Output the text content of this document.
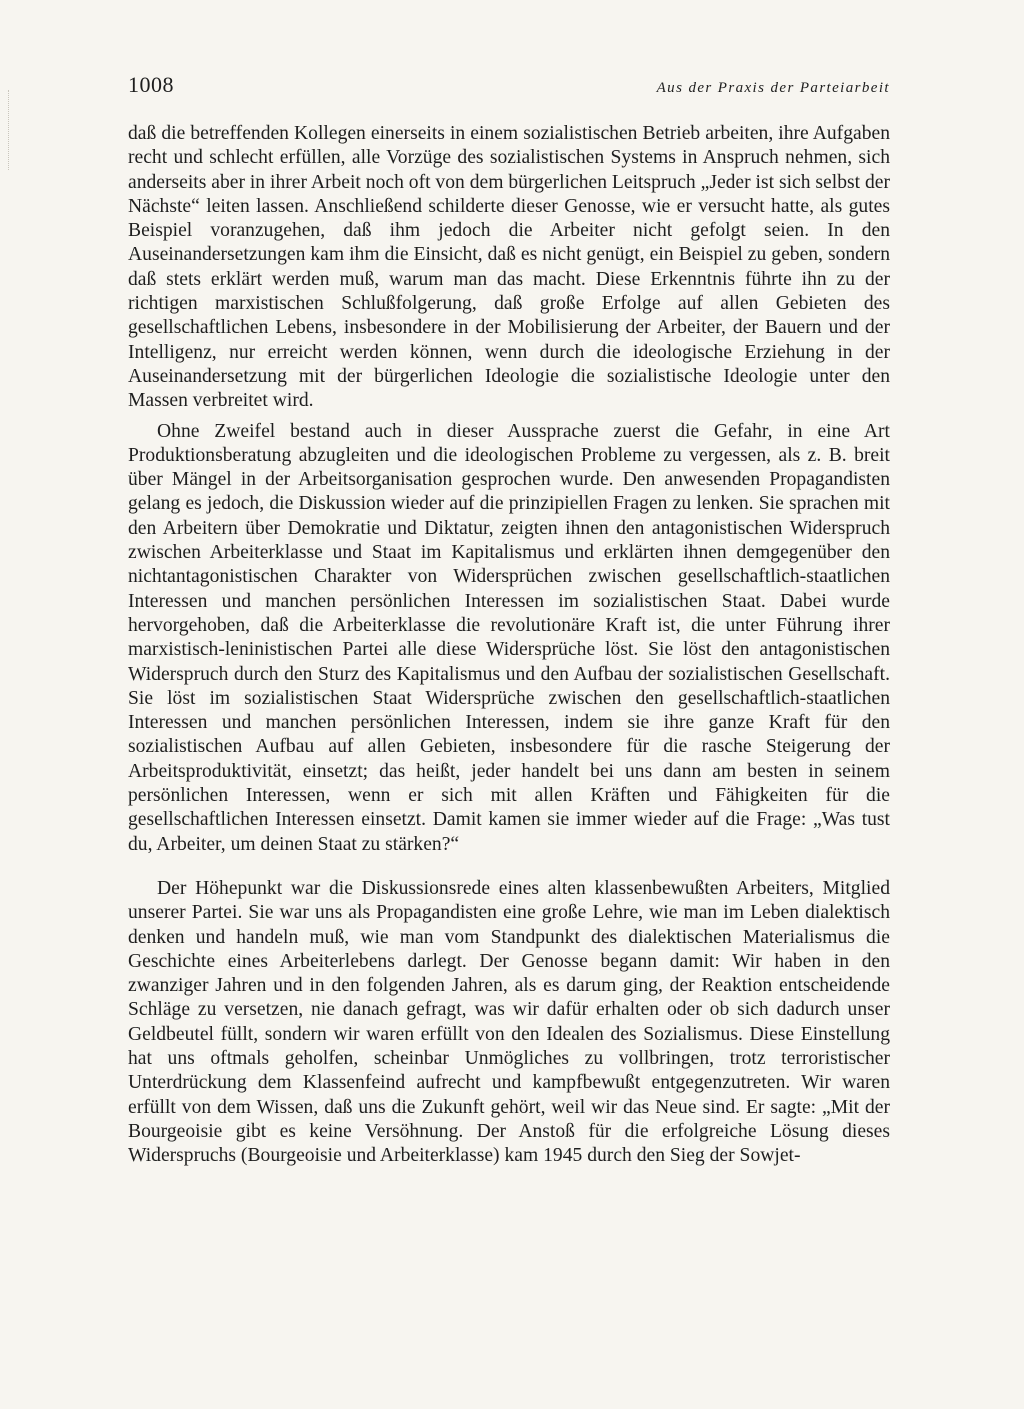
1008	Aus der Praxis der Parteiarbeit

daß die betreffenden Kollegen einerseits in einem sozialistischen Betrieb arbeiten, ihre Aufgaben recht und schlecht erfüllen, alle Vorzüge des sozialistischen Systems in Anspruch nehmen, sich anderseits aber in ihrer Arbeit noch oft von dem bürgerlichen Leitspruch „Jeder ist sich selbst der Nächste“ leiten lassen. Anschließend schilderte dieser Genosse, wie er versucht hatte, als gutes Beispiel voranzugehen, daß ihm jedoch die Arbeiter nicht gefolgt seien. In den Auseinandersetzungen kam ihm die Einsicht, daß es nicht genügt, ein Beispiel zu geben, sondern daß stets erklärt werden muß, warum man das macht. Diese Erkenntnis führte ihn zu der richtigen marxistischen Schlußfolgerung, daß große Erfolge auf allen Gebieten des gesellschaftlichen Lebens, insbesondere in der Mobilisierung der Arbeiter, der Bauern und der Intelligenz, nur erreicht werden können, wenn durch die ideologische Erziehung in der Auseinandersetzung mit der bürgerlichen Ideologie die sozialistische Ideologie unter den Massen verbreitet wird.

Ohne Zweifel bestand auch in dieser Aussprache zuerst die Gefahr, in eine Art Produktionsberatung abzugleiten und die ideologischen Probleme zu vergessen, als z. B. breit über Mängel in der Arbeitsorganisation gesprochen wurde. Den anwesenden Propagandisten gelang es jedoch, die Diskussion wieder auf die prinzipiellen Fragen zu lenken. Sie sprachen mit den Arbeitern über Demokratie und Diktatur, zeigten ihnen den antagonistischen Widerspruch zwischen Arbeiterklasse und Staat im Kapitalismus und erklärten ihnen demgegenüber den nichtantagonistischen Charakter von Widersprüchen zwischen gesellschaftlich-staatlichen Interessen und manchen persönlichen Interessen im sozialistischen Staat. Dabei wurde hervorgehoben, daß die Arbeiterklasse die revolutionäre Kraft ist, die unter Führung ihrer marxistisch-leninistischen Partei alle diese Widersprüche löst. Sie löst den antagonistischen Widerspruch durch den Sturz des Kapitalismus und den Aufbau der sozialistischen Gesellschaft. Sie löst im sozialistischen Staat Widersprüche zwischen den gesellschaftlich-staatlichen Interessen und manchen persönlichen Interessen, indem sie ihre ganze Kraft für den sozialistischen Aufbau auf allen Gebieten, insbesondere für die rasche Steigerung der Arbeitsproduktivität, einsetzt; das heißt, jeder handelt bei uns dann am besten in seinem persönlichen Interessen, wenn er sich mit allen Kräften und Fähigkeiten für die gesellschaftlichen Interessen einsetzt. Damit kamen sie immer wieder auf die Frage: „Was tust du, Arbeiter, um deinen Staat zu stärken?“

Der Höhepunkt war die Diskussionsrede eines alten klassenbewußten Arbeiters, Mitglied unserer Partei. Sie war uns als Propagandisten eine große Lehre, wie man im Leben dialektisch denken und handeln muß, wie man vom Standpunkt des dialektischen Materialismus die Geschichte eines Arbeiterlebens darlegt. Der Genosse begann damit: Wir haben in den zwanziger Jahren und in den folgenden Jahren, als es darum ging, der Reaktion entscheidende Schläge zu versetzen, nie danach gefragt, was wir dafür erhalten oder ob sich dadurch unser Geldbeutel füllt, sondern wir waren erfüllt von den Idealen des Sozialismus. Diese Einstellung hat uns oftmals geholfen, scheinbar Unmögliches zu vollbringen, trotz terroristischer Unterdrückung dem Klassenfeind aufrecht und kampfbewußt entgegenzutreten. Wir waren erfüllt von dem Wissen, daß uns die Zukunft gehört, weil wir das Neue sind. Er sagte: „Mit der Bourgeoisie gibt es keine Versöhnung. Der Anstoß für die erfolgreiche Lösung dieses Widerspruchs (Bourgeoisie und Arbeiterklasse) kam 1945 durch den Sieg der Sowjet-
